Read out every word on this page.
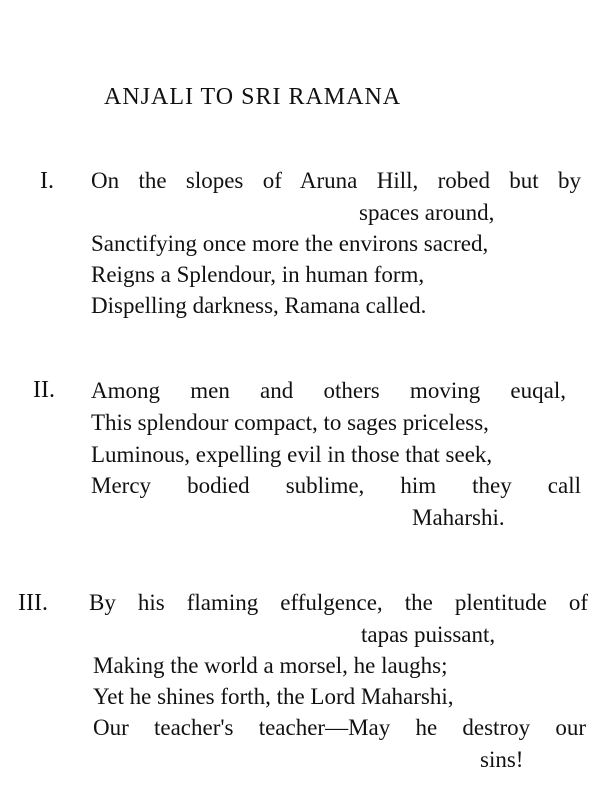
ANJALI TO SRI RAMANA
I. On the slopes of Aruna Hill, robed but by
spaces around,
Sanctifying once more the environs sacred,
Reigns a Splendour, in human form,
Dispelling darkness, Ramana called.
II. Among men and others moving euqal,
This splendour compact, to sages priceless,
Luminous, expelling evil in those that seek,
Mercy bodied sublime, him they call
Maharshi.
III. By his flaming effulgence, the plentitude of
tapas puissant,
Making the world a morsel, he laughs;
Yet he shines forth, the Lord Maharshi,
Our teacher's teacher—May he destroy our
sins!
